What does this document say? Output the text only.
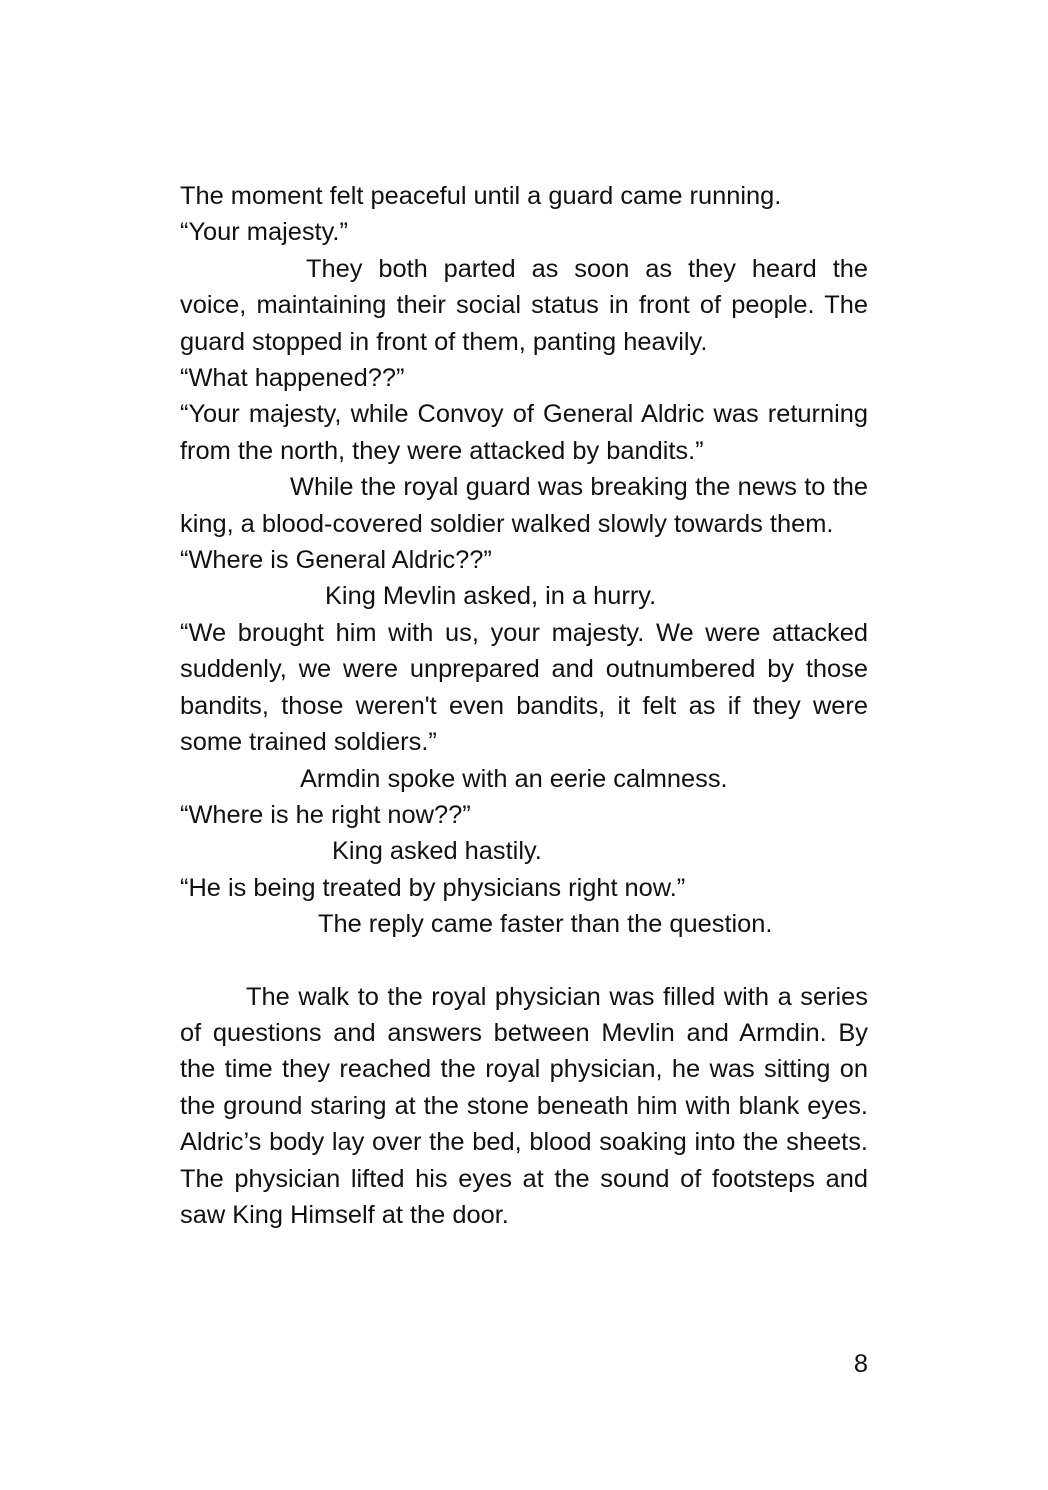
The moment felt peaceful until a guard came running.

“Your majesty.”

They both parted as soon as they heard the voice, maintaining their social status in front of people. The guard stopped in front of them, panting heavily.

“What happened??”

“Your majesty, while Convoy of General Aldric was returning from the north, they were attacked by bandits.”

While the royal guard was breaking the news to the king, a blood-covered soldier walked slowly towards them.

“Where is General Aldric??”

King Mevlin asked, in a hurry.

“We brought him with us, your majesty. We were attacked suddenly, we were unprepared and outnumbered by those bandits, those weren't even bandits, it felt as if they were some trained soldiers.”

Armdin spoke with an eerie calmness.

“Where is he right now??”

King asked hastily.

“He is being treated by physicians right now.”

The reply came faster than the question.

The walk to the royal physician was filled with a series of questions and answers between Mevlin and Armdin. By the time they reached the royal physician, he was sitting on the ground staring at the stone beneath him with blank eyes. Aldric’s body lay over the bed, blood soaking into the sheets. The physician lifted his eyes at the sound of footsteps and saw King Himself at the door.

8
